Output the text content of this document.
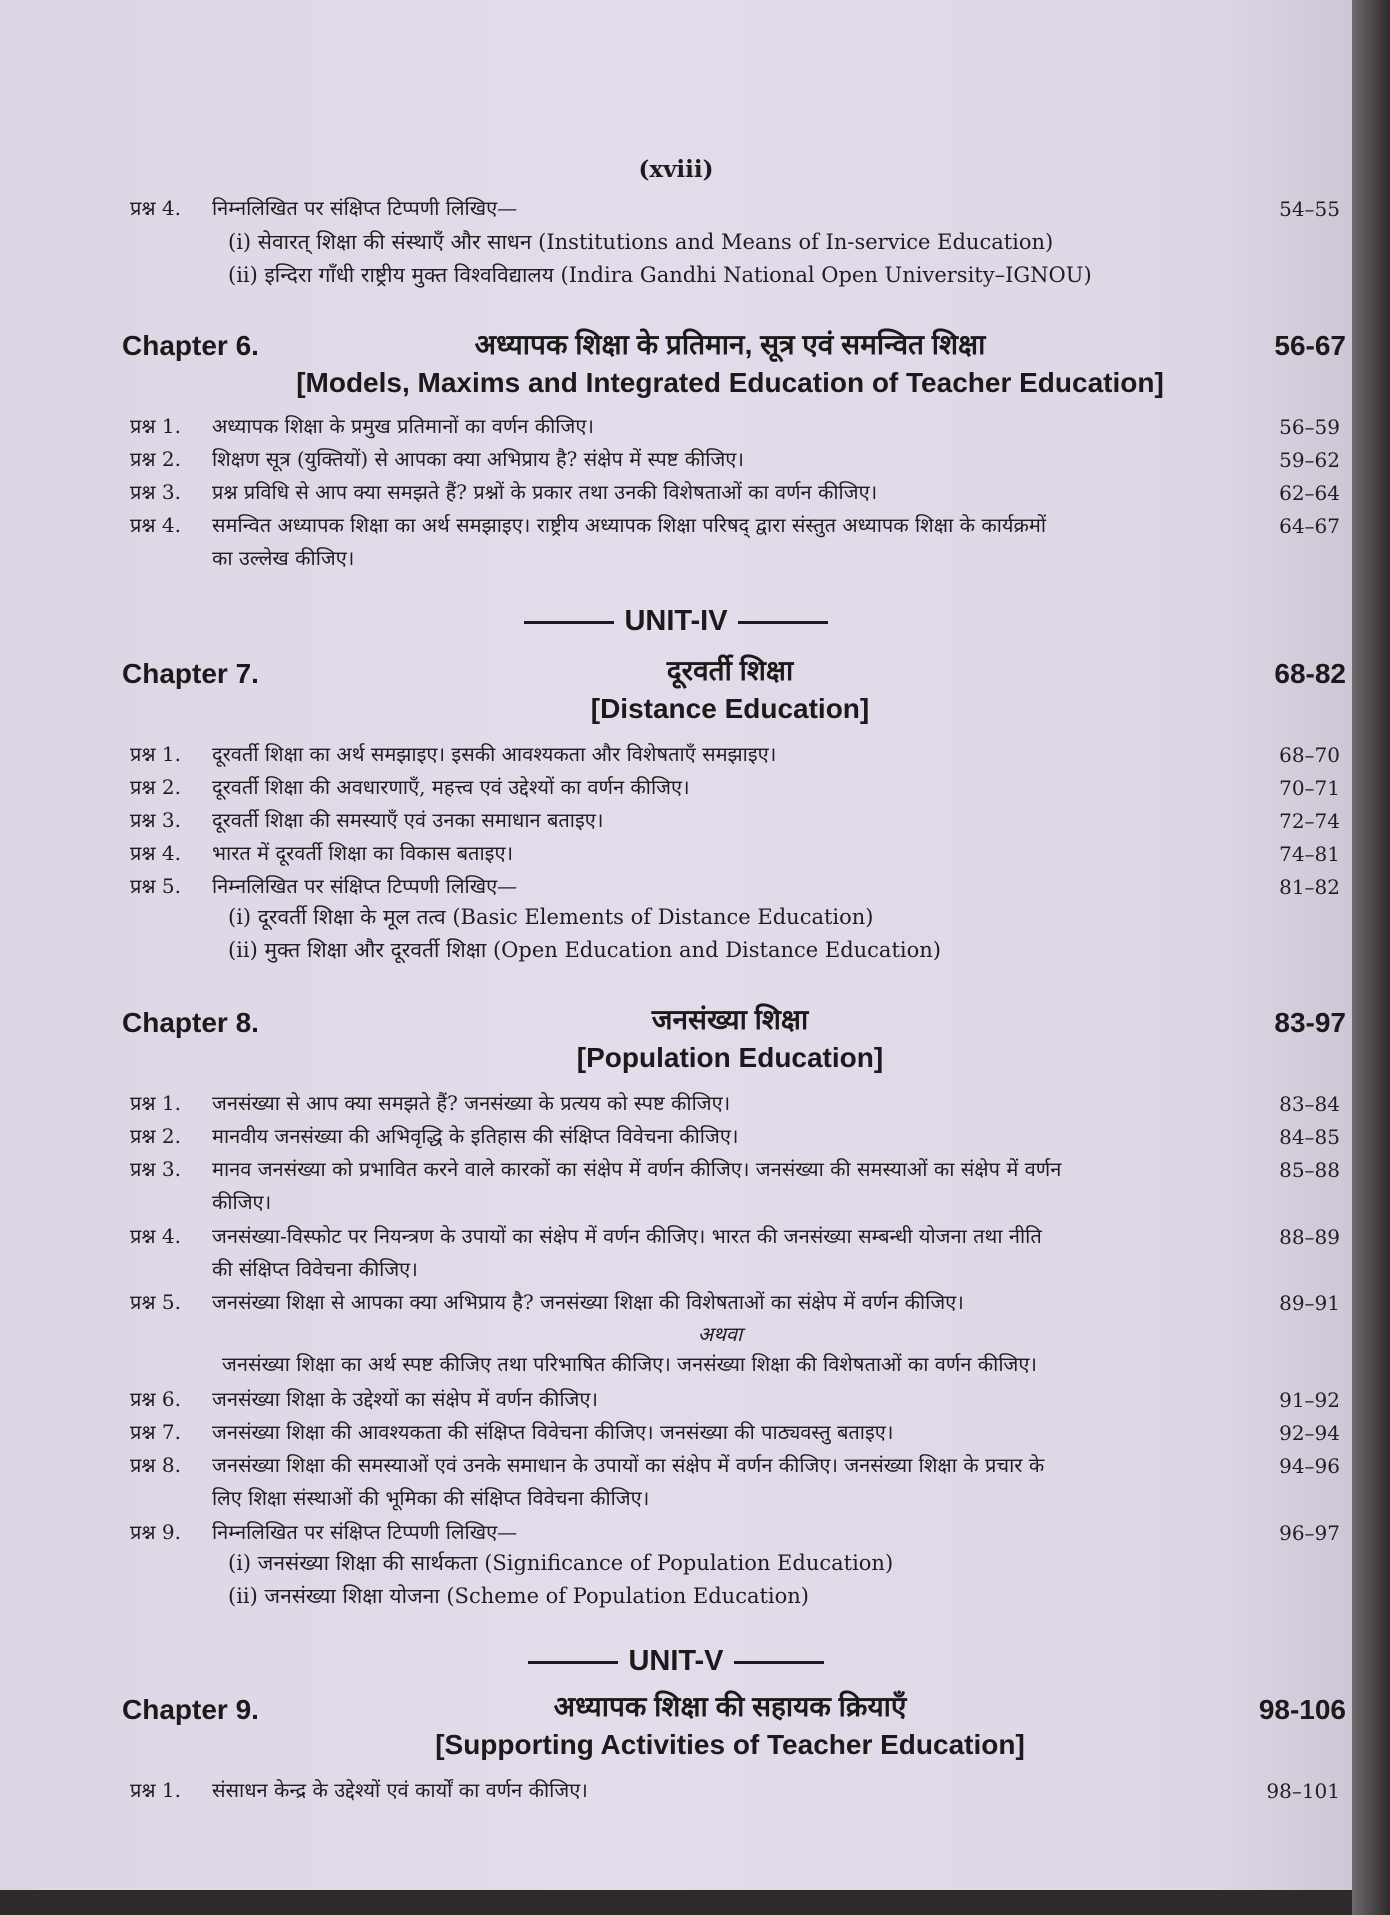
(xviii)
प्रश्न 4. निम्नलिखित पर संक्षिप्त टिप्पणी लिखिए—	54–55
(i) सेवारत् शिक्षा की संस्थाएँ और साधन (Institutions and Means of In-service Education)
(ii) इन्दिरा गाँधी राष्ट्रीय मुक्त विश्वविद्यालय (Indira Gandhi National Open University–IGNOU)
Chapter 6.	अध्यापक शिक्षा के प्रतिमान, सूत्र एवं समन्वित शिक्षा
[Models, Maxims and Integrated Education of Teacher Education]
56-67
प्रश्न 1. अध्यापक शिक्षा के प्रमुख प्रतिमानों का वर्णन कीजिए।	56–59
प्रश्न 2. शिक्षण सूत्र (युक्तियों) से आपका क्या अभिप्राय है? संक्षेप में स्पष्ट कीजिए।	59–62
प्रश्न 3. प्रश्न प्रविधि से आप क्या समझते हैं? प्रश्नों के प्रकार तथा उनकी विशेषताओं का वर्णन कीजिए।	62–64
प्रश्न 4. समन्वित अध्यापक शिक्षा का अर्थ समझाइए। राष्ट्रीय अध्यापक शिक्षा परिषद् द्वारा संस्तुत अध्यापक शिक्षा के कार्यक्रमों
का उल्लेख कीजिए।
64–67
UNIT-IV
Chapter 7.	दूरवर्ती शिक्षा
[Distance Education]
68-82
प्रश्न 1. दूरवर्ती शिक्षा का अर्थ समझाइए। इसकी आवश्यकता और विशेषताएँ समझाइए।	68–70
प्रश्न 2. दूरवर्ती शिक्षा की अवधारणाएँ, महत्त्व एवं उद्देश्यों का वर्णन कीजिए।	70–71
प्रश्न 3. दूरवर्ती शिक्षा की समस्याएँ एवं उनका समाधान बताइए।	72–74
प्रश्न 4. भारत में दूरवर्ती शिक्षा का विकास बताइए।	74–81
प्रश्न 5. निम्नलिखित पर संक्षिप्त टिप्पणी लिखिए—	81–82
(i) दूरवर्ती शिक्षा के मूल तत्व (Basic Elements of Distance Education)
(ii) मुक्त शिक्षा और दूरवर्ती शिक्षा (Open Education and Distance Education)
Chapter 8.	जनसंख्या शिक्षा
[Population Education]
83-97
प्रश्न 1. जनसंख्या से आप क्या समझते हैं? जनसंख्या के प्रत्यय को स्पष्ट कीजिए।	83–84
प्रश्न 2. मानवीय जनसंख्या की अभिवृद्धि के इतिहास की संक्षिप्त विवेचना कीजिए।	84–85
प्रश्न 3. मानव जनसंख्या को प्रभावित करने वाले कारकों का संक्षेप में वर्णन कीजिए। जनसंख्या की समस्याओं का संक्षेप में वर्णन
कीजिए।
85–88
प्रश्न 4. जनसंख्या-विस्फोट पर नियन्त्रण के उपायों का संक्षेप में वर्णन कीजिए। भारत की जनसंख्या सम्बन्धी योजना तथा नीति
की संक्षिप्त विवेचना कीजिए।
88–89
प्रश्न 5. जनसंख्या शिक्षा से आपका क्या अभिप्राय है? जनसंख्या शिक्षा की विशेषताओं का संक्षेप में वर्णन कीजिए।	89–91
अथवा
जनसंख्या शिक्षा का अर्थ स्पष्ट कीजिए तथा परिभाषित कीजिए। जनसंख्या शिक्षा की विशेषताओं का वर्णन कीजिए।
प्रश्न 6. जनसंख्या शिक्षा के उद्देश्यों का संक्षेप में वर्णन कीजिए।	91–92
प्रश्न 7. जनसंख्या शिक्षा की आवश्यकता की संक्षिप्त विवेचना कीजिए। जनसंख्या की पाठ्यवस्तु बताइए।	92–94
प्रश्न 8. जनसंख्या शिक्षा की समस्याओं एवं उनके समाधान के उपायों का संक्षेप में वर्णन कीजिए। जनसंख्या शिक्षा के प्रचार के
लिए शिक्षा संस्थाओं की भूमिका की संक्षिप्त विवेचना कीजिए।
94–96
प्रश्न 9. निम्नलिखित पर संक्षिप्त टिप्पणी लिखिए—	96–97
(i) जनसंख्या शिक्षा की सार्थकता (Significance of Population Education)
(ii) जनसंख्या शिक्षा योजना (Scheme of Population Education)
UNIT-V
Chapter 9.	अध्यापक शिक्षा की सहायक क्रियाएँ
[Supporting Activities of Teacher Education]
98-106
प्रश्न 1. संसाधन केन्द्र के उद्देश्यों एवं कार्यों का वर्णन कीजिए।	98–101
